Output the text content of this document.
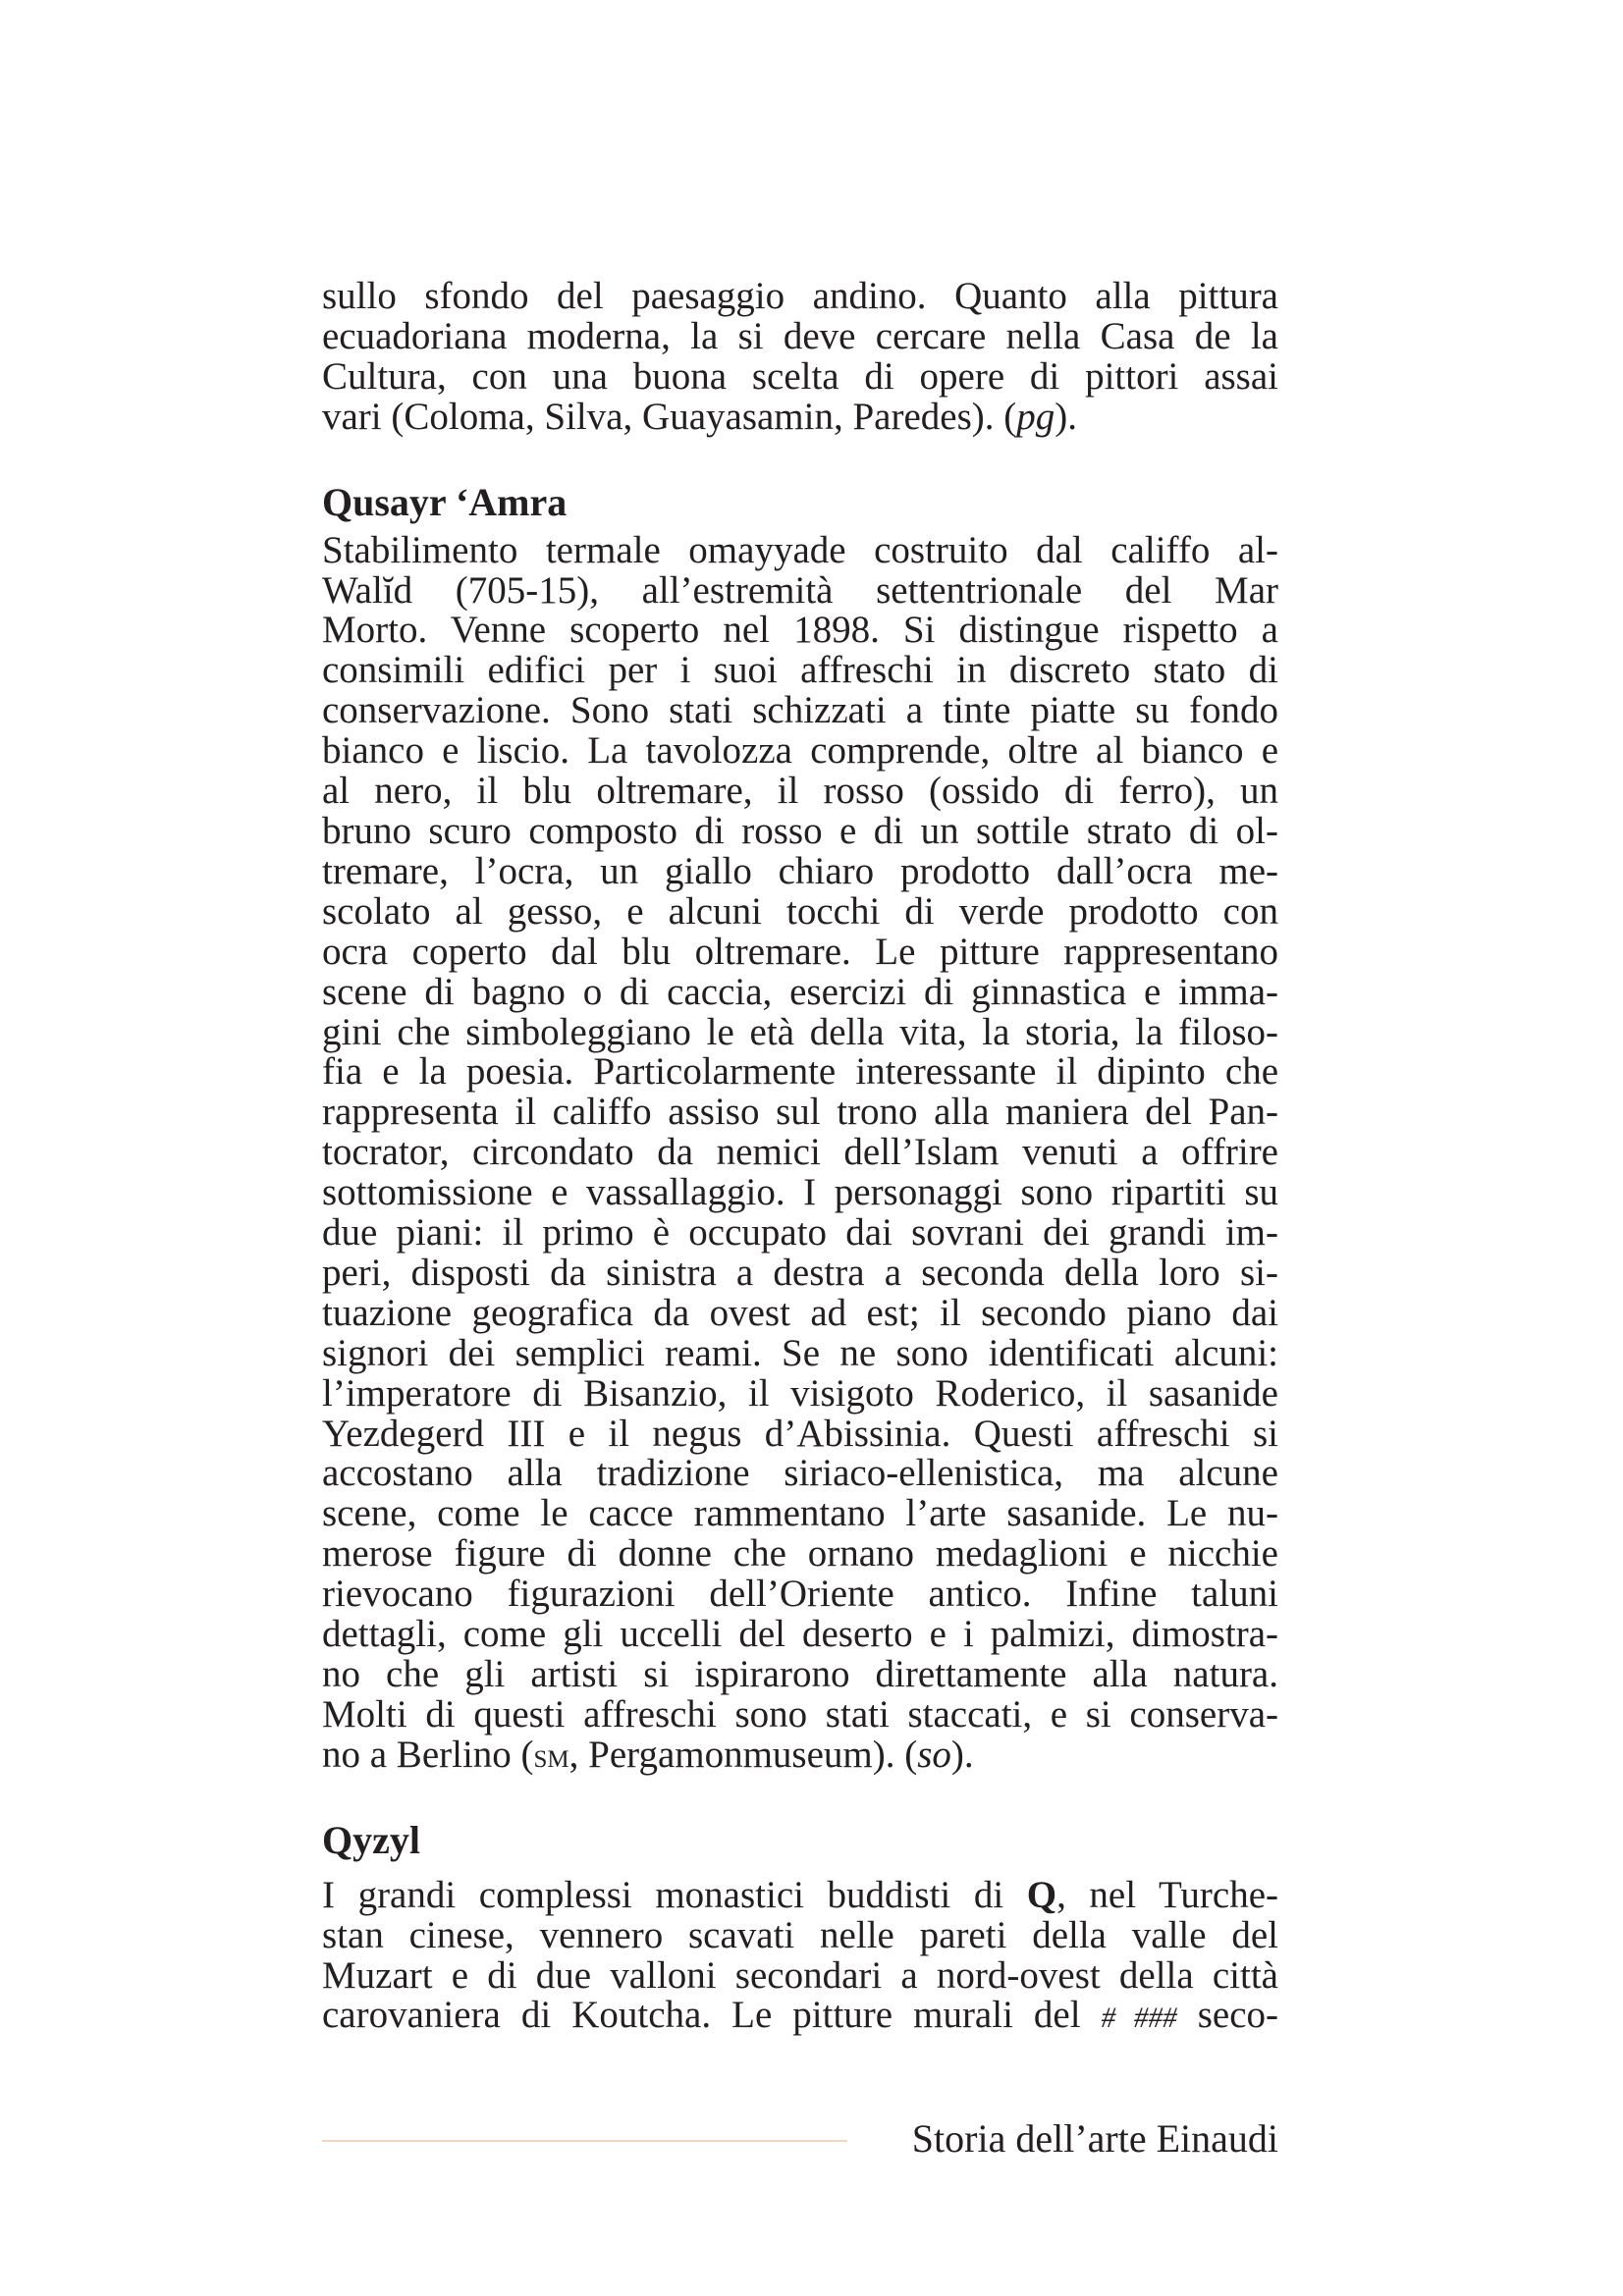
sullo sfondo del paesaggio andino. Quanto alla pittura
ecuadoriana moderna, la si deve cercare nella Casa de la
Cultura, con una buona scelta di opere di pittori assai
vari (Coloma, Silva, Guayasamin, Paredes). (pg).

Qusayr ‘Amra

Stabilimento termale omayyade costruito dal califfo al-
Walĭd (705-15), all’estremità settentrionale del Mar
Morto. Venne scoperto nel 1898. Si distingue rispetto a
consimili edifici per i suoi affreschi in discreto stato di
conservazione. Sono stati schizzati a tinte piatte su fondo
bianco e liscio. La tavolozza comprende, oltre al bianco e
al nero, il blu oltremare, il rosso (ossido di ferro), un
bruno scuro composto di rosso e di un sottile strato di ol-
tremare, l’ocra, un giallo chiaro prodotto dall’ocra me-
scolato al gesso, e alcuni tocchi di verde prodotto con
ocra coperto dal blu oltremare. Le pitture rappresentano
scene di bagno o di caccia, esercizi di ginnastica e imma-
gini che simboleggiano le età della vita, la storia, la filoso-
fia e la poesia. Particolarmente interessante il dipinto che
rappresenta il califfo assiso sul trono alla maniera del Pan-
tocrator, circondato da nemici dell’Islam venuti a offrire
sottomissione e vassallaggio. I personaggi sono ripartiti su
due piani: il primo è occupato dai sovrani dei grandi im-
peri, disposti da sinistra a destra a seconda della loro si-
tuazione geografica da ovest ad est; il secondo piano dai
signori dei semplici reami. Se ne sono identificati alcuni:
l’imperatore di Bisanzio, il visigoto Roderico, il sasanide
Yezdegerd III e il negus d’Abissinia. Questi affreschi si
accostano alla tradizione siriaco-ellenistica, ma alcune
scene, come le cacce rammentano l’arte sasanide. Le nu-
merose figure di donne che ornano medaglioni e nicchie
rievocano figurazioni dell’Oriente antico. Infine taluni
dettagli, come gli uccelli del deserto e i palmizi, dimostra-
no che gli artisti si ispirarono direttamente alla natura.
Molti di questi affreschi sono stati staccati, e si conserva-
no a Berlino (sm, Pergamonmuseum). (so).

Qyzyl

I grandi complessi monastici buddisti di Q, nel Turche-
stan cinese, vennero scavati nelle pareti della valle del
Muzart e di due valloni secondari a nord-ovest della città
carovaniera di Koutcha. Le pitture murali del # ### seco-

Storia dell’arte Einaudi
